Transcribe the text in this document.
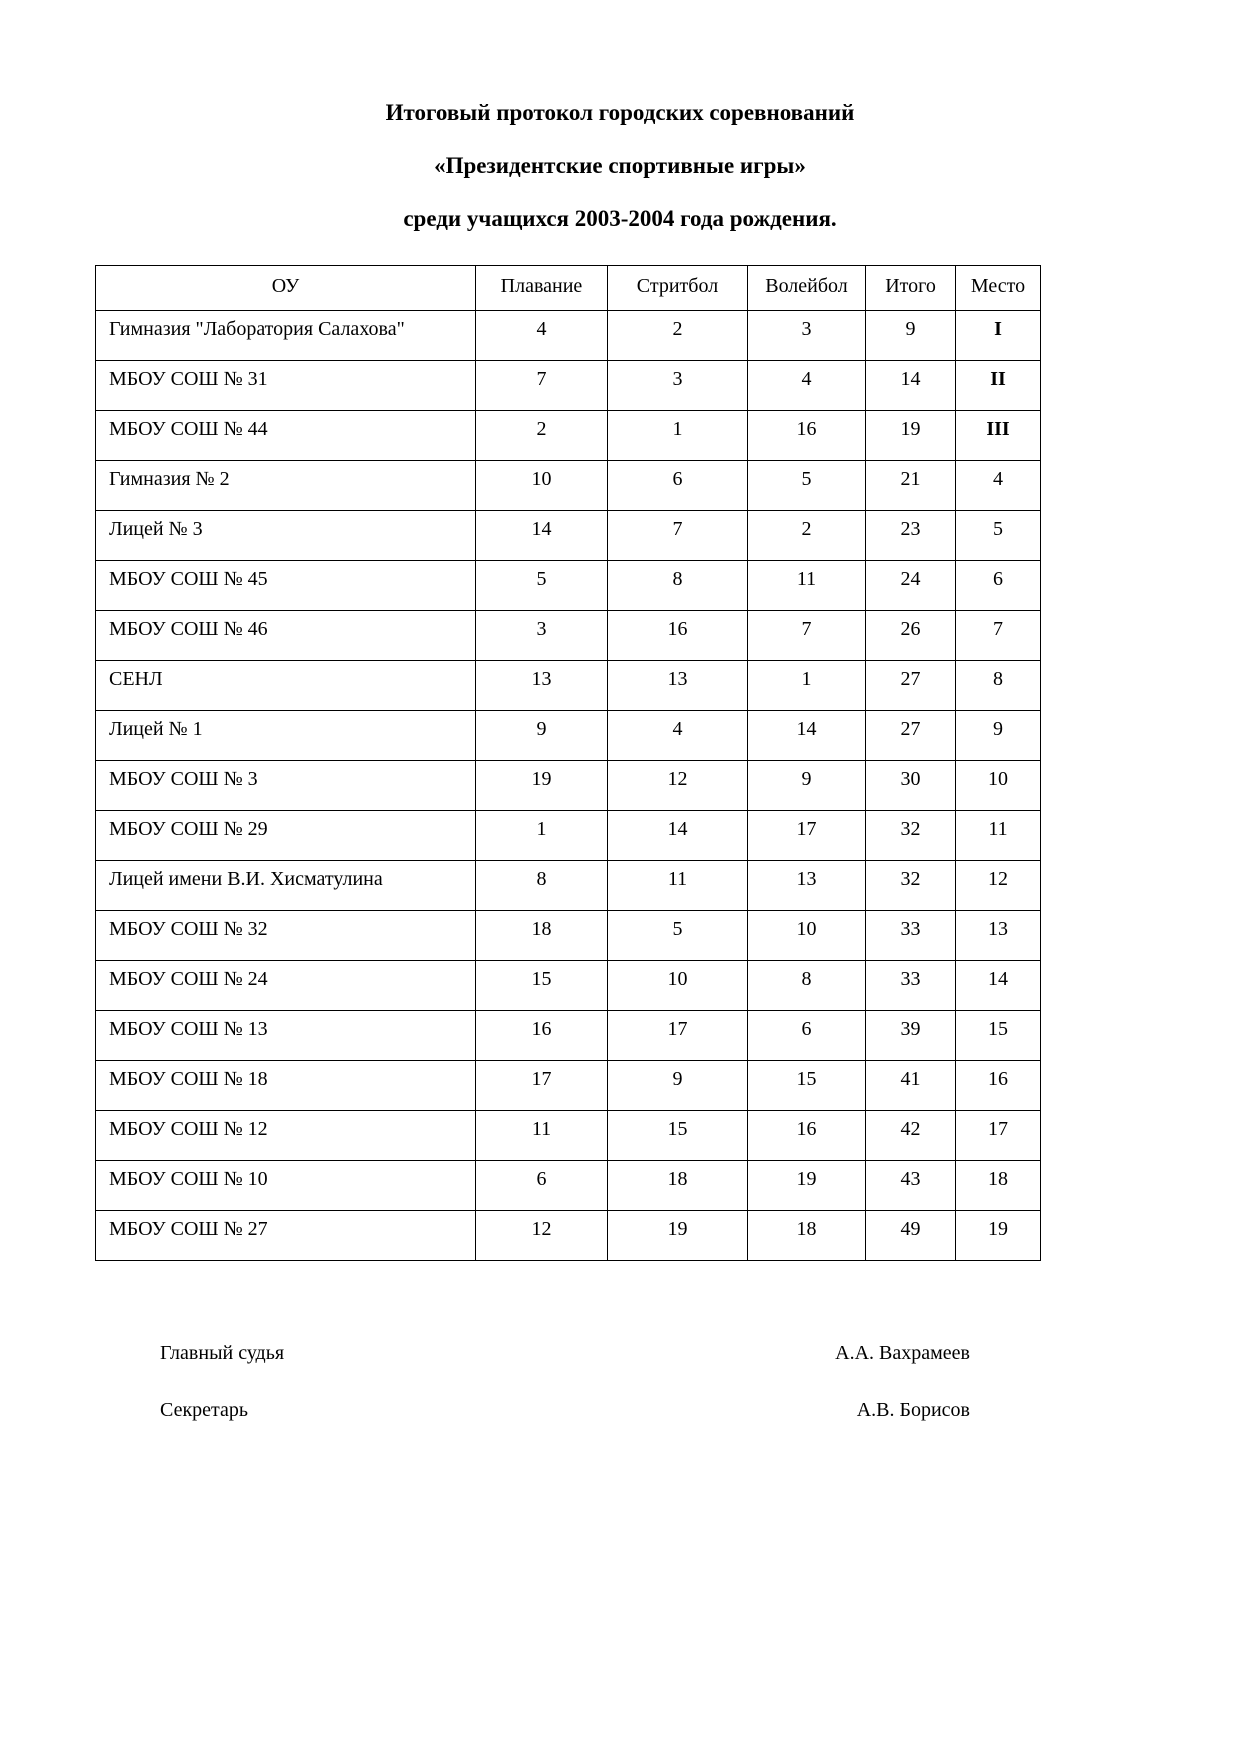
Итоговый протокол городских соревнований

«Президентские спортивные игры»

среди учащихся 2003-2004 года рождения.

ОУ	Плавание	Стритбол	Волейбол	Итого	Место
Гимназия "Лаборатория Салахова"	4	2	3	9	I
МБОУ СОШ № 31	7	3	4	14	II
МБОУ СОШ № 44	2	1	16	19	III
Гимназия № 2	10	6	5	21	4
Лицей № 3	14	7	2	23	5
МБОУ СОШ № 45	5	8	11	24	6
МБОУ СОШ № 46	3	16	7	26	7
СЕНЛ	13	13	1	27	8
Лицей № 1	9	4	14	27	9
МБОУ СОШ № 3	19	12	9	30	10
МБОУ СОШ № 29	1	14	17	32	11
Лицей имени В.И. Хисматулина	8	11	13	32	12
МБОУ СОШ № 32	18	5	10	33	13
МБОУ СОШ № 24	15	10	8	33	14
МБОУ СОШ № 13	16	17	6	39	15
МБОУ СОШ № 18	17	9	15	41	16
МБОУ СОШ № 12	11	15	16	42	17
МБОУ СОШ № 10	6	18	19	43	18
МБОУ СОШ № 27	12	19	18	49	19
Главный судья	А.А. Вахрамеев
Секретарь	А.В. Борисов
